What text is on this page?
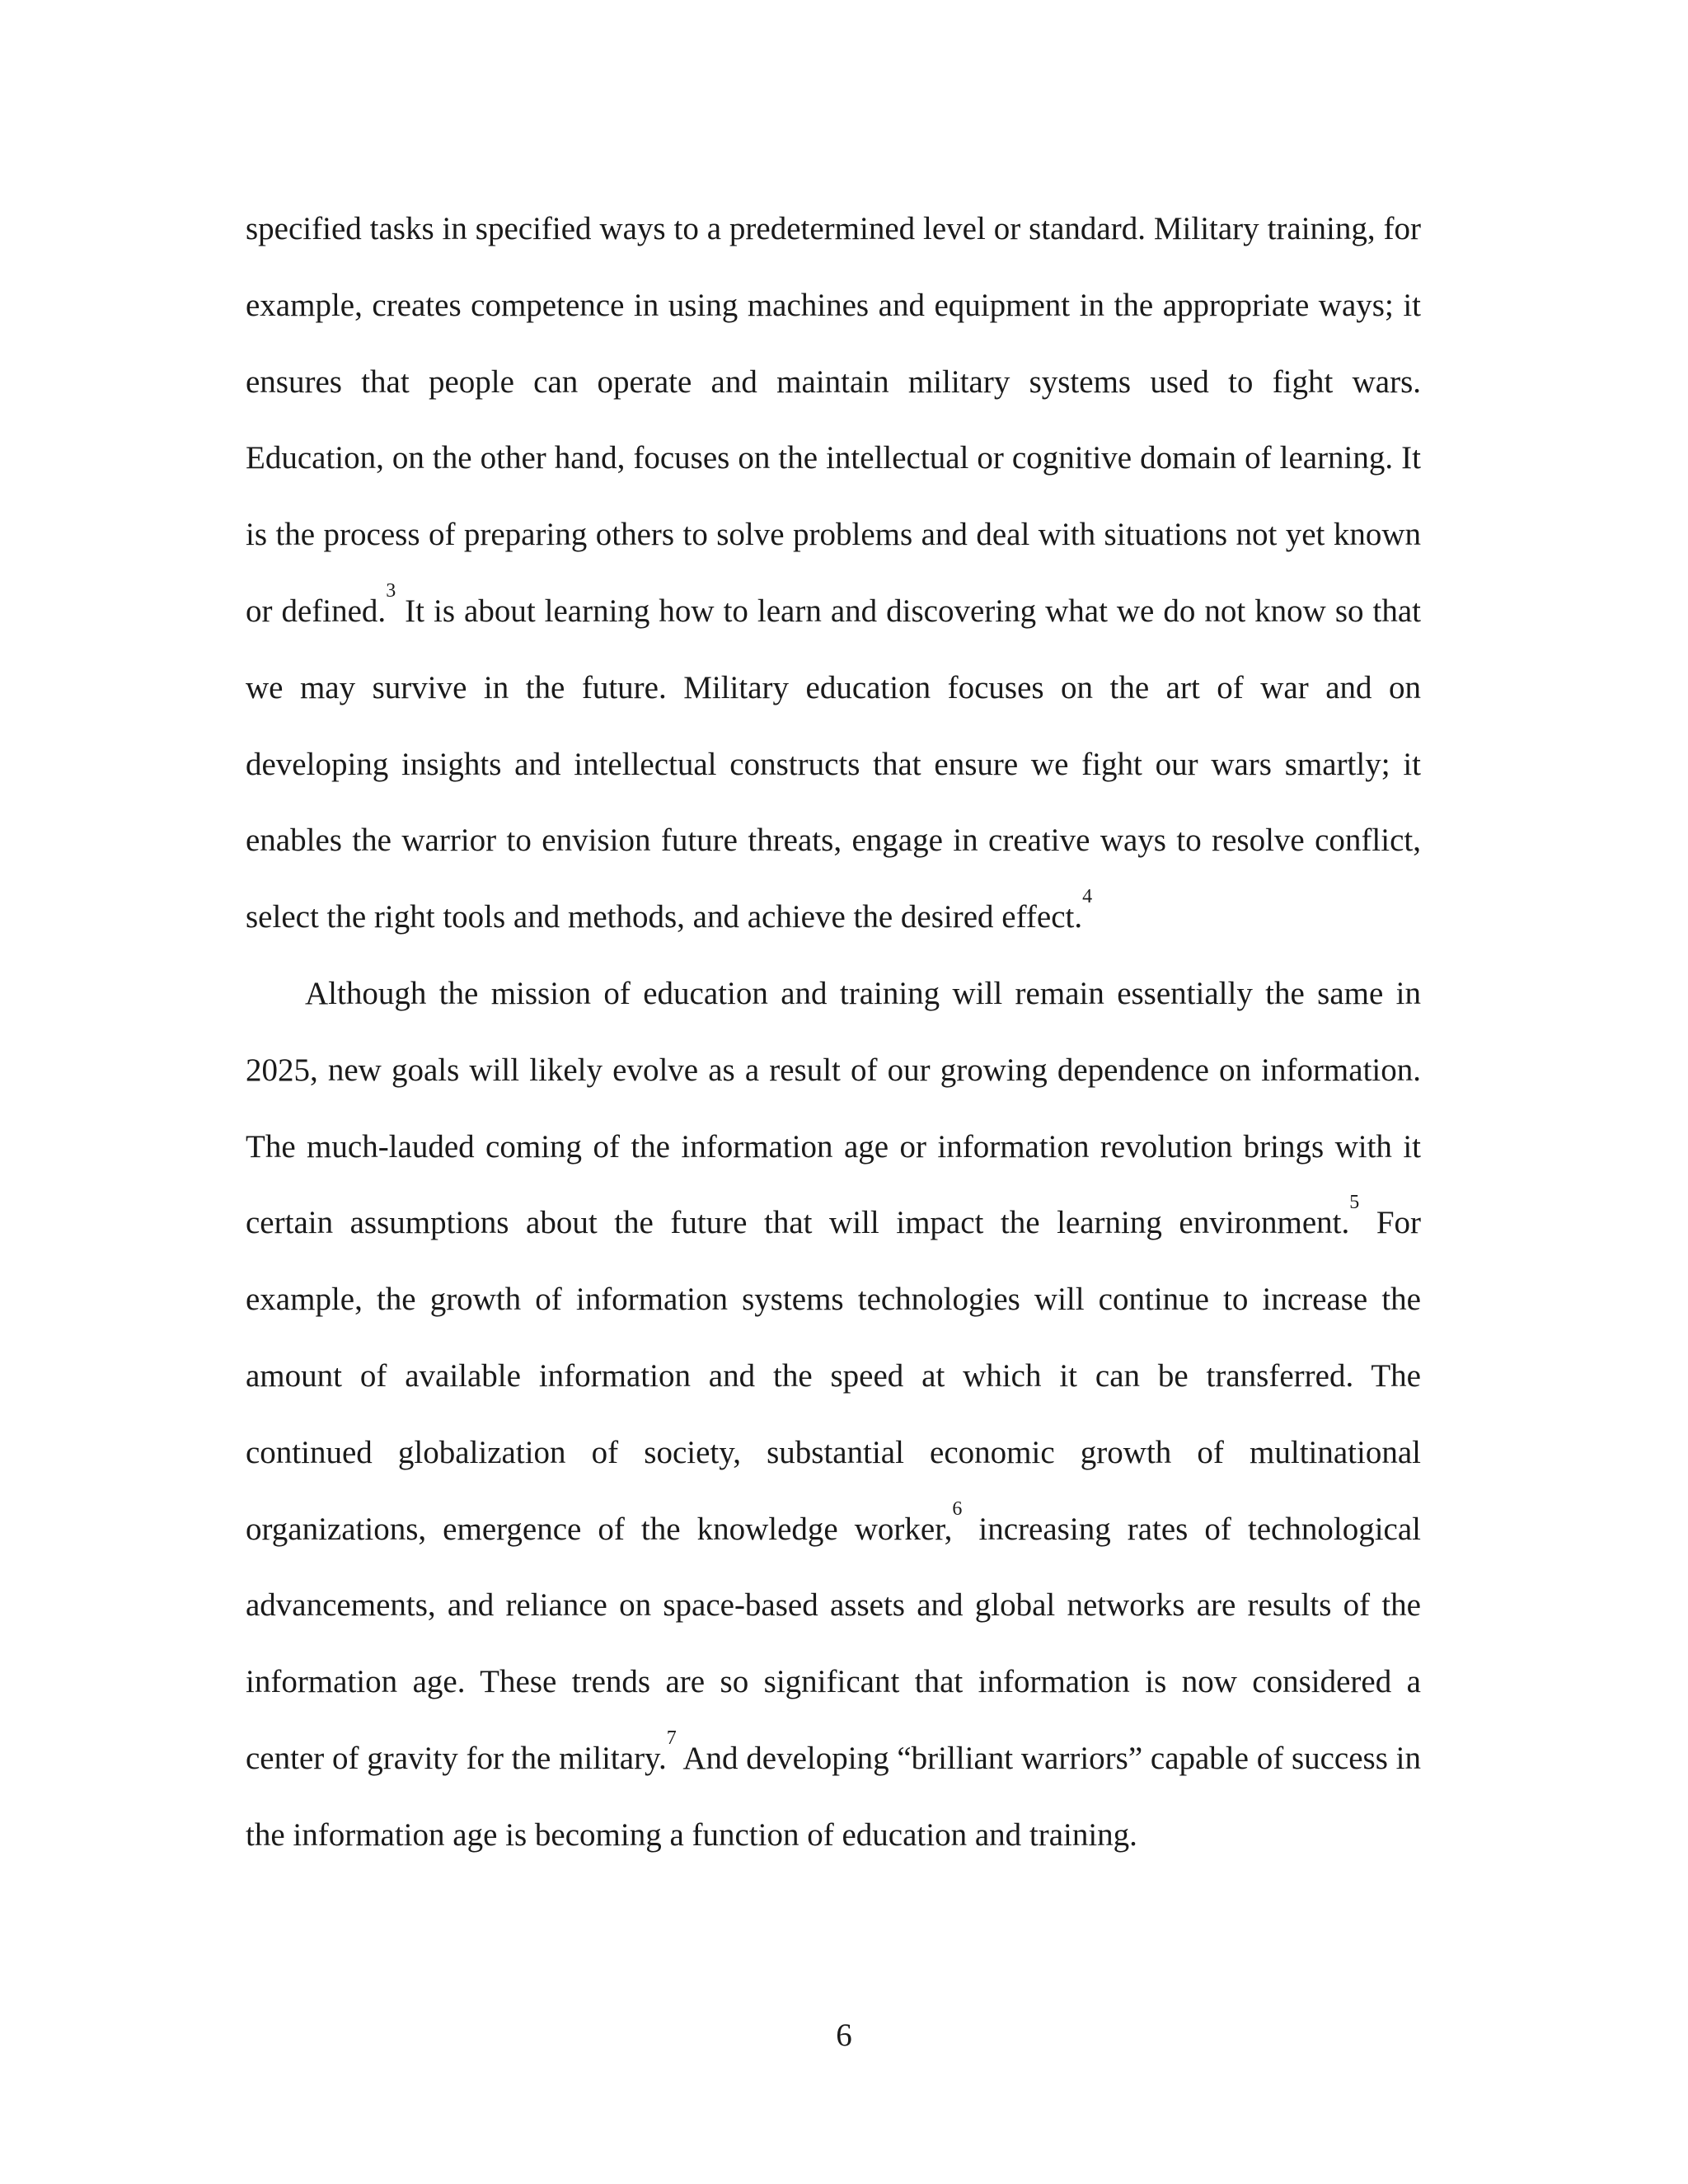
specified tasks in specified ways to a predetermined level or standard. Military training, for example, creates competence in using machines and equipment in the appropriate ways; it ensures that people can operate and maintain military systems used to fight wars. Education, on the other hand, focuses on the intellectual or cognitive domain of learning. It is the process of preparing others to solve problems and deal with situations not yet known or defined.$^3$ It is about learning how to learn and discovering what we do not know so that we may survive in the future. Military education focuses on the art of war and on developing insights and intellectual constructs that ensure we fight our wars smartly; it enables the warrior to envision future threats, engage in creative ways to resolve conflict, select the right tools and methods, and achieve the desired effect.$^4$

Although the mission of education and training will remain essentially the same in 2025, new goals will likely evolve as a result of our growing dependence on information. The much-lauded coming of the information age or information revolution brings with it certain assumptions about the future that will impact the learning environment.$^5$ For example, the growth of information systems technologies will continue to increase the amount of available information and the speed at which it can be transferred. The continued globalization of society, substantial economic growth of multinational organizations, emergence of the knowledge worker,$^6$ increasing rates of technological advancements, and reliance on space-based assets and global networks are results of the information age. These trends are so significant that information is now considered a center of gravity for the military.$^7$ And developing “brilliant warriors” capable of success in the information age is becoming a function of education and training.

6
